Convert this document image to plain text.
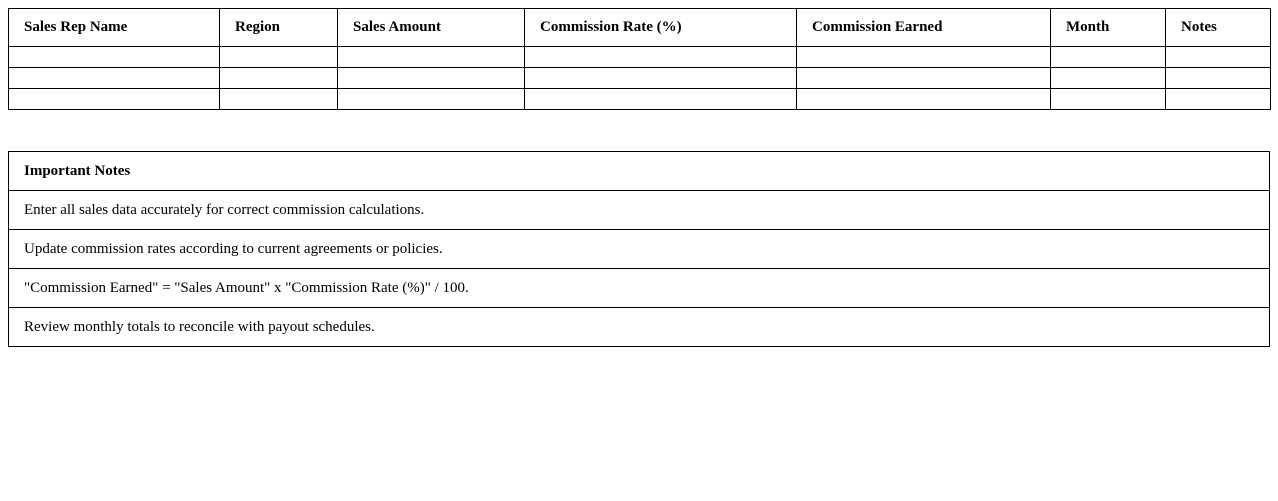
Sales Rep Name	Region	Sales Amount	Commission Rate (%)	Commission Earned	Month	Notes

Important Notes
Enter all sales data accurately for correct commission calculations.
Update commission rates according to current agreements or policies.
"Commission Earned" = "Sales Amount" x "Commission Rate (%)" / 100.
Review monthly totals to reconcile with payout schedules.
